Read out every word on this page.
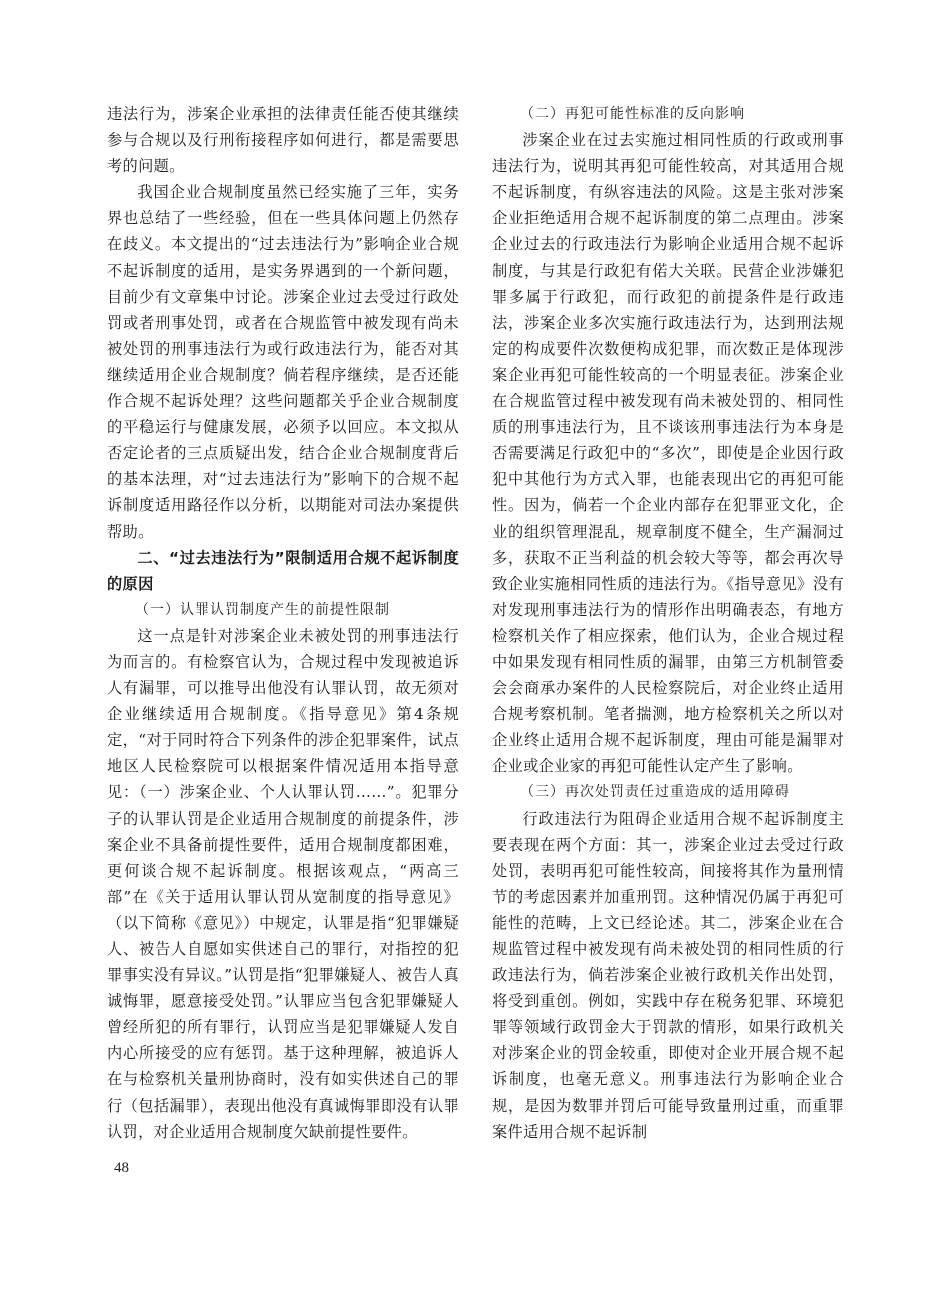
违法行为，涉案企业承担的法律责任能否使其继续参与合规以及行刑衔接程序如何进行，都是需要思考的问题。

我国企业合规制度虽然已经实施了三年，实务界也总结了一些经验，但在一些具体问题上仍然存在歧义。本文提出的“过去违法行为”影响企业合规不起诉制度的适用，是实务界遇到的一个新问题，目前少有文章集中讨论。涉案企业过去受过行政处罚或者刑事处罚，或者在合规监管中被发现有尚未被处罚的刑事违法行为或行政违法行为，能否对其继续适用企业合规制度？倘若程序继续，是否还能作合规不起诉处理？这些问题都关乎企业合规制度的平稳运行与健康发展，必须予以回应。本文拟从否定论者的三点质疑出发，结合企业合规制度背后的基本法理，对“过去违法行为”影响下的合规不起诉制度适用路径作以分析，以期能对司法办案提供帮助。

二、“过去违法行为”限制适用合规不起诉制度的原因

（一）认罪认罚制度产生的前提性限制

这一点是针对涉案企业未被处罚的刑事违法行为而言的。有检察官认为，合规过程中发现被追诉人有漏罪，可以推导出他没有认罪认罚，故无须对企业继续适用合规制度。《指导意见》第4条规定，“对于同时符合下列条件的涉企犯罪案件，试点地区人民检察院可以根据案件情况适用本指导意见：（一）涉案企业、个人认罪认罚……”。犯罪分子的认罪认罚是企业适用合规制度的前提条件，涉案企业不具备前提性要件，适用合规制度都困难，更何谈合规不起诉制度。根据该观点，“两高三部”在《关于适用认罪认罚从宽制度的指导意见》（以下简称《意见》）中规定，认罪是指“犯罪嫌疑人、被告人自愿如实供述自己的罪行，对指控的犯罪事实没有异议。”认罚是指“犯罪嫌疑人、被告人真诚悔罪，愿意接受处罚。”认罪应当包含犯罪嫌疑人曾经所犯的所有罪行，认罚应当是犯罪嫌疑人发自内心所接受的应有惩罚。基于这种理解，被追诉人在与检察机关量刑协商时，没有如实供述自己的罪行（包括漏罪），表现出他没有真诚悔罪即没有认罪认罚，对企业适用合规制度欠缺前提性要件。

（二）再犯可能性标准的反向影响

涉案企业在过去实施过相同性质的行政或刑事违法行为，说明其再犯可能性较高，对其适用合规不起诉制度，有纵容违法的风险。这是主张对涉案企业拒绝适用合规不起诉制度的第二点理由。涉案企业过去的行政违法行为影响企业适用合规不起诉制度，与其是行政犯有偌大关联。民营企业涉嫌犯罪多属于行政犯，而行政犯的前提条件是行政违法，涉案企业多次实施行政违法行为，达到刑法规定的构成要件次数便构成犯罪，而次数正是体现涉案企业再犯可能性较高的一个明显表征。涉案企业在合规监管过程中被发现有尚未被处罚的、相同性质的刑事违法行为，且不谈该刑事违法行为本身是否需要满足行政犯中的“多次”，即使是企业因行政犯中其他行为方式入罪，也能表现出它的再犯可能性。因为，倘若一个企业内部存在犯罪亚文化，企业的组织管理混乱，规章制度不健全，生产漏洞过多，获取不正当利益的机会较大等等，都会再次导致企业实施相同性质的违法行为。《指导意见》没有对发现刑事违法行为的情形作出明确表态，有地方检察机关作了相应探索，他们认为，企业合规过程中如果发现有相同性质的漏罪，由第三方机制管委会会商承办案件的人民检察院后，对企业终止适用合规考察机制。笔者揣测，地方检察机关之所以对企业终止适用合规不起诉制度，理由可能是漏罪对企业或企业家的再犯可能性认定产生了影响。

（三）再次处罚责任过重造成的适用障碍

行政违法行为阻碍企业适用合规不起诉制度主要表现在两个方面：其一，涉案企业过去受过行政处罚，表明再犯可能性较高，间接将其作为量刑情节的考虑因素并加重刑罚。这种情况仍属于再犯可能性的范畴，上文已经论述。其二，涉案企业在合规监管过程中被发现有尚未被处罚的相同性质的行政违法行为，倘若涉案企业被行政机关作出处罚，将受到重创。例如，实践中存在税务犯罪、环境犯罪等领域行政罚金大于罚款的情形，如果行政机关对涉案企业的罚金较重，即使对企业开展合规不起诉制度，也毫无意义。刑事违法行为影响企业合规，是因为数罪并罚后可能导致量刑过重，而重罪案件适用合规不起诉制

48
